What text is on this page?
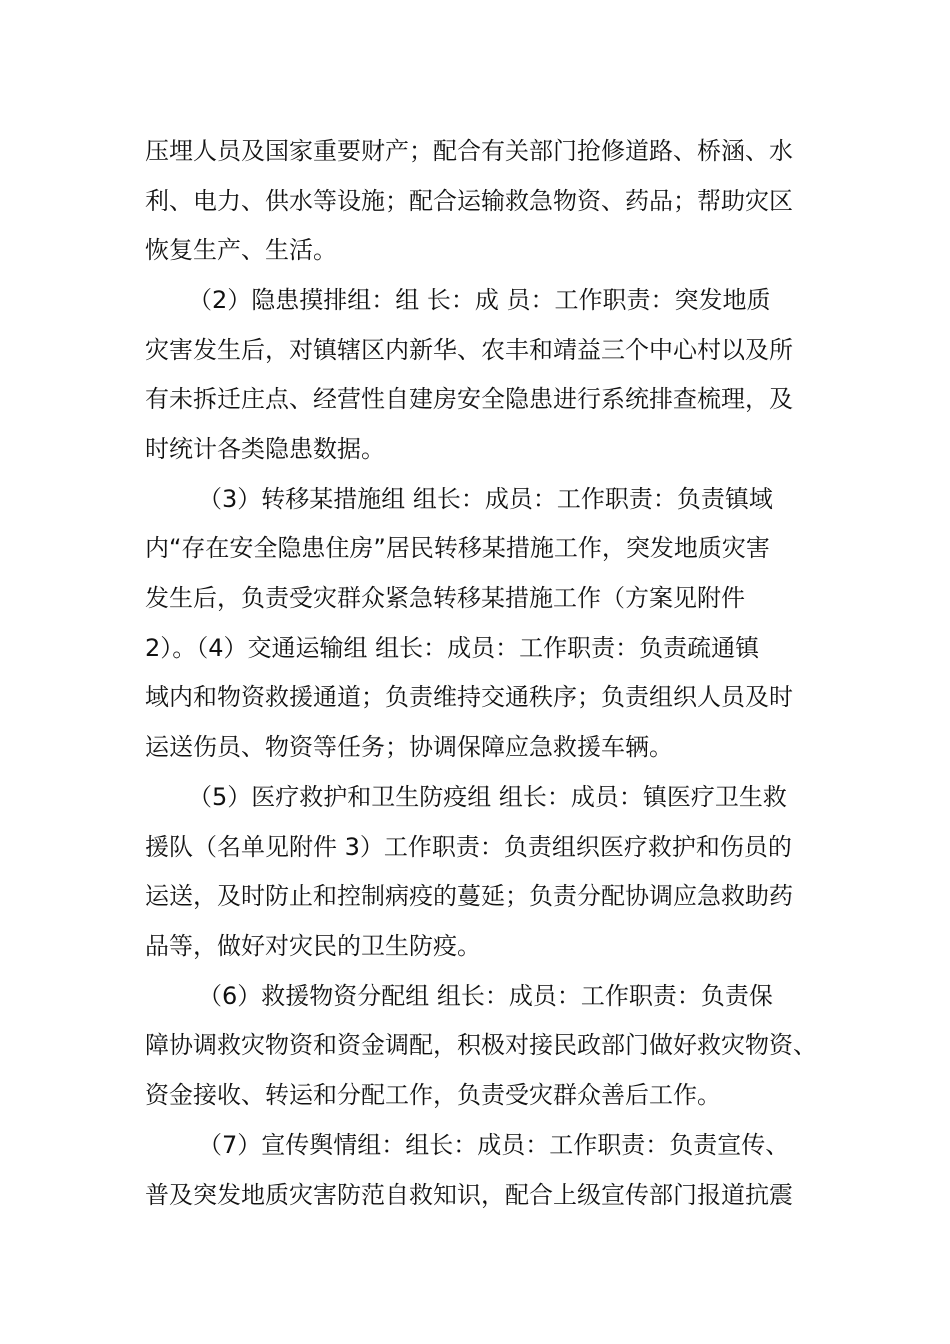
压埋人员及国家重要财产；配合有关部门抢修道路、桥涵、水
利、电力、供水等设施；配合运输救急物资、药品；帮助灾区
恢复生产、生活。
（2）隐患摸排组：组 长：成 员：工作职责：突发地质
灾害发生后，对镇辖区内新华、农丰和靖益三个中心村以及所
有未拆迁庄点、经营性自建房安全隐患进行系统排查梳理，及
时统计各类隐患数据。
（3）转移某措施组 组长：成员：工作职责：负责镇域
内“存在安全隐患住房”居民转移某措施工作，突发地质灾害
发生后，负责受灾群众紧急转移某措施工作（方案见附件
2）。（4）交通运输组 组长：成员：工作职责：负责疏通镇
域内和物资救援通道；负责维持交通秩序；负责组织人员及时
运送伤员、物资等任务；协调保障应急救援车辆。
（5）医疗救护和卫生防疫组 组长：成员：镇医疗卫生救
援队（名单见附件 3）工作职责：负责组织医疗救护和伤员的
运送，及时防止和控制病疫的蔓延；负责分配协调应急救助药
品等，做好对灾民的卫生防疫。
（6）救援物资分配组 组长：成员：工作职责：负责保
障协调救灾物资和资金调配，积极对接民政部门做好救灾物资、
资金接收、转运和分配工作，负责受灾群众善后工作。
（7）宣传舆情组：组长：成员：工作职责：负责宣传、
普及突发地质灾害防范自救知识，配合上级宣传部门报道抗震
